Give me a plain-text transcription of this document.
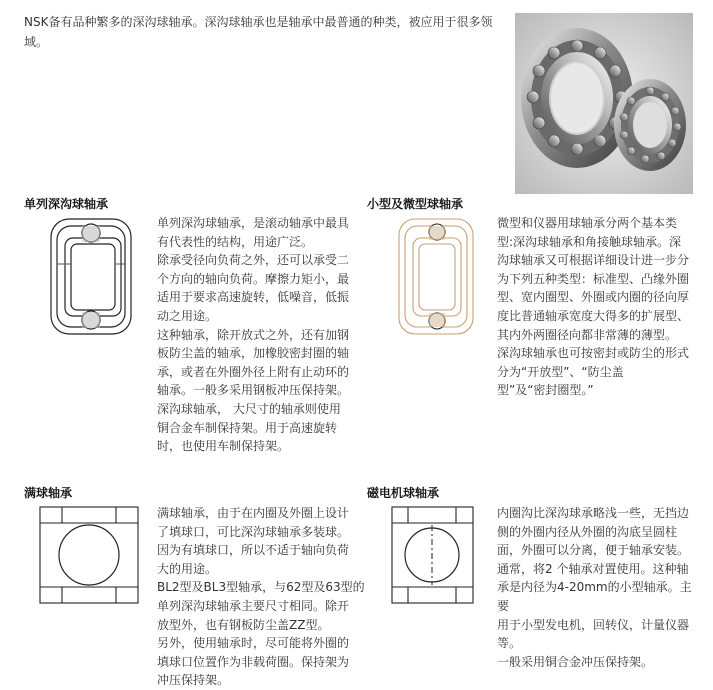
NSK备有品种繁多的深沟球轴承。深沟球轴承也是轴承中最普通的种类，被应用于很多领域。
单列深沟球轴承

单列深沟球轴承，是滚动轴承中最具

有代表性的结构，用途广泛。

除承受径向负荷之外，还可以承受二

个方向的轴向负荷。摩擦力矩小，最

适用于要求高速旋转，低噪音，低振

动之用途。

这种轴承，除开放式之外，还有加钢

板防尘盖的轴承，加橡胶密封圈的轴

承，或者在外圈外径上附有止动环的

轴承。一般多采用钢板冲压保持架。

深沟球轴承， 大尺寸的轴承则使用

铜合金车制保持架。用于高速旋转

时，也使用车制保持架。

小型及微型球轴承

微型和仪器用球轴承分两个基本类

型:深沟球轴承和角接触球轴承。深

沟球轴承又可根据详细设计进一步分

为下列五种类型：标准型、凸缘外圈

型、宽内圈型、外圈或内圈的径向厚

度比普通轴承宽度大得多的扩展型、

其内外两圈径向都非常薄的薄型。

深沟球轴承也可按密封或防尘的形式

分为“开放型”、“防尘盖

型”及“密封圈型。”

满球轴承

满球轴承，由于在内圈及外圈上设计

了填球口，可比深沟球轴承多装球。

因为有填球口，所以不适于轴向负荷

大的用途。

BL2型及BL3型轴承，与62型及63型的

单列深沟球轴承主要尺寸相同。除开

放型外，也有钢板防尘盖ZZ型。

另外，使用轴承时，尽可能将外圈的

填球口位置作为非载荷圈。保持架为

冲压保持架。

磁电机球轴承

内圈沟比深沟球承略浅一些，无挡边

侧的外圈内径从外圈的沟底呈圆柱

面，外圈可以分离，便于轴承安装。

通常，将2 个轴承对置使用。这种轴

承是内径为4-20mm的小型轴承。主要

用于小型发电机，回转仪，计量仪器

等。

一般采用铜合金冲压保持架。
